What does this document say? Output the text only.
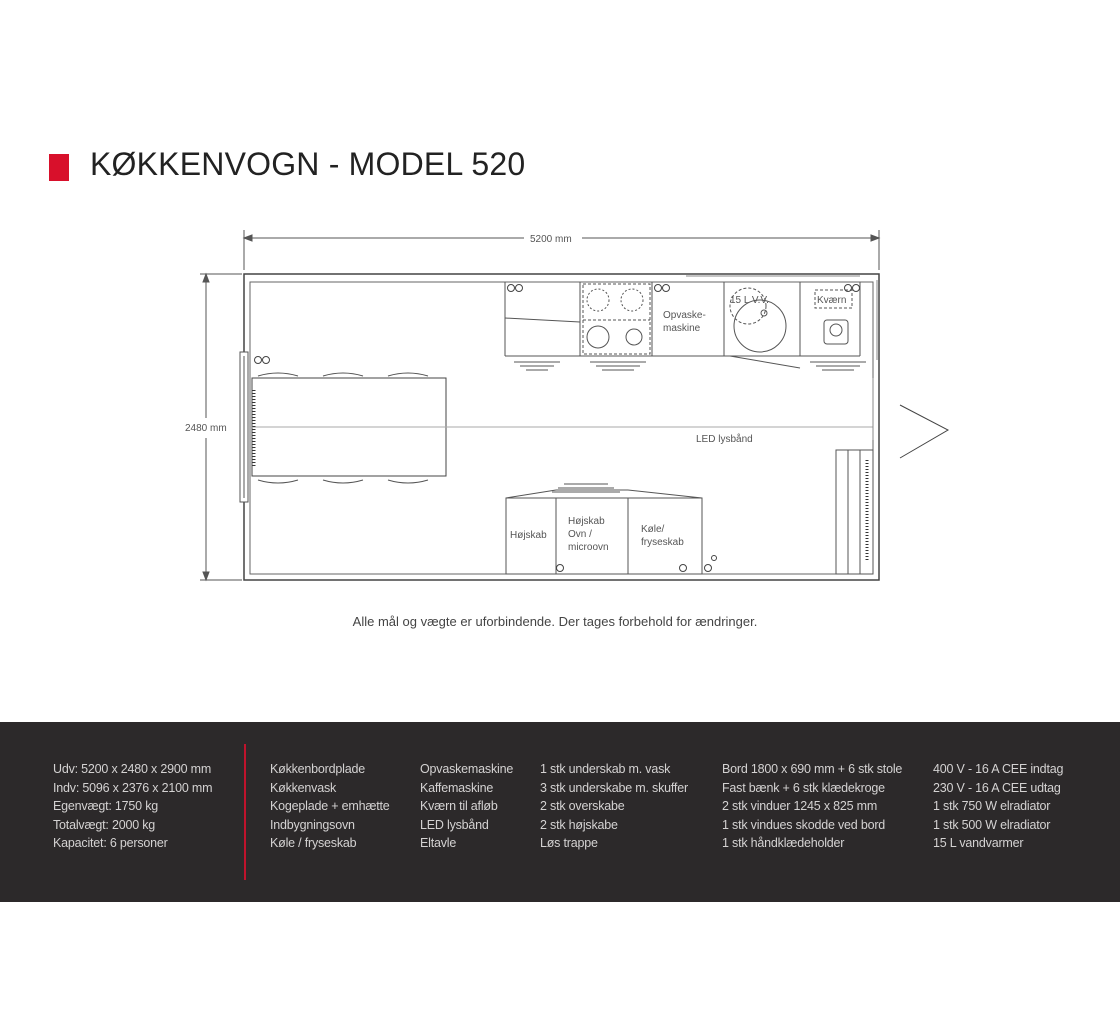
KØKKENVOGN - MODEL 520
5200 mm
2480 mm
Opvaske-
maskine
15 L V.V.	Kværn
LED lysbånd
Højskab
Højskab
Ovn /
microovn
Køle/
fryseskab
Alle mål og vægte er uforbindende. Der tages forbehold for ændringer.
Udv: 5200 x 2480 x 2900 mm
Indv: 5096 x 2376 x 2100 mm
Egenvægt: 1750 kg
Totalvægt: 2000 kg
Kapacitet: 6 personer
Køkkenbordplade
Køkkenvask
Kogeplade + emhætte
Indbygningsovn
Køle / fryseskab
Opvaskemaskine
Kaffemaskine
Kværn til afløb
LED lysbånd
Eltavle
1 stk underskab m. vask
3 stk underskabe m. skuffer
2 stk overskabe
2 stk højskabe
Løs trappe
Bord 1800 x 690 mm + 6 stk stole
Fast bænk + 6 stk klædekroge
2 stk vinduer 1245 x 825 mm
1 stk vindues skodde ved bord
1 stk håndklædeholder
400 V - 16 A CEE indtag
230 V - 16 A CEE udtag
1 stk 750 W elradiator
1 stk 500 W elradiator
15 L vandvarmer
